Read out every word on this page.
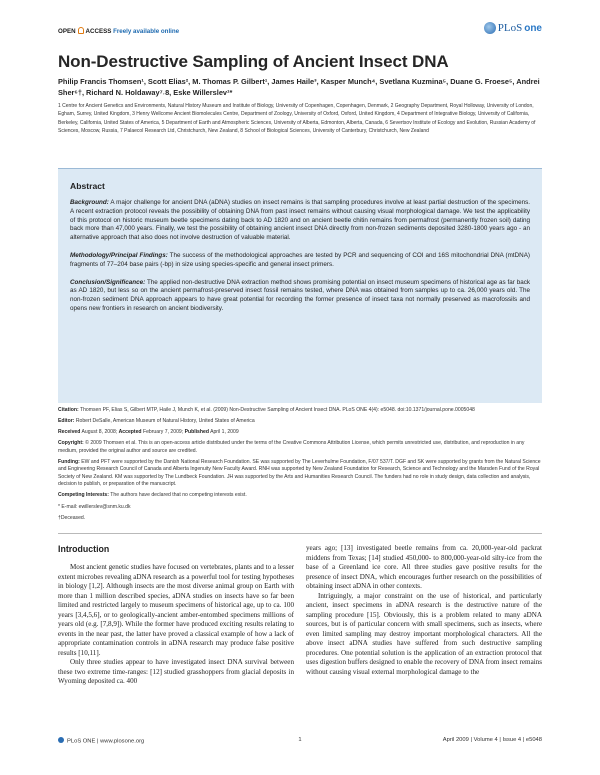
OPEN ACCESS Freely available online	PLoS one
Non-Destructive Sampling of Ancient Insect DNA
Philip Francis Thomsen¹, Scott Elias², M. Thomas P. Gilbert¹, James Haile³, Kasper Munch⁴, Svetlana Kuzmina⁵, Duane G. Froese⁵, Andrei Sher⁶†, Richard N. Holdaway⁷˒8, Eske Willerslev¹*
1 Centre for Ancient Genetics and Environments, Natural History Museum and Institute of Biology, University of Copenhagen, Copenhagen, Denmark, 2 Geography Department, Royal Holloway, University of London, Egham, Surrey, United Kingdom, 3 Henry Wellcome Ancient Biomolecules Centre, Department of Zoology, University of Oxford, Oxford, United Kingdom, 4 Department of Integrative Biology, University of California, Berkeley, California, United States of America, 5 Department of Earth and Atmospheric Sciences, University of Alberta, Edmonton, Alberta, Canada, 6 Severtsov Institute of Ecology and Evolution, Russian Academy of Sciences, Moscow, Russia, 7 Palaecol Research Ltd, Christchurch, New Zealand, 8 School of Biological Sciences, University of Canterbury, Christchurch, New Zealand
Abstract

Background: A major challenge for ancient DNA (aDNA) studies on insect remains is that sampling procedures involve at least partial destruction of the specimens. A recent extraction protocol reveals the possibility of obtaining DNA from past insect remains without causing visual morphological damage. We test the applicability of this protocol on historic museum beetle specimens dating back to AD 1820 and on ancient beetle chitin remains from permafrost (permanently frozen soil) dating back more than 47,000 years. Finally, we test the possibility of obtaining ancient insect DNA directly from non-frozen sediments deposited 3280-1800 years ago - an alternative approach that also does not involve destruction of valuable material.

Methodology/Principal Findings: The success of the methodological approaches are tested by PCR and sequencing of COI and 16S mitochondrial DNA (mtDNA) fragments of 77–204 base pairs (-bp) in size using species-specific and general insect primers.

Conclusion/Significance: The applied non-destructive DNA extraction method shows promising potential on insect museum specimens of historical age as far back as AD 1820, but less so on the ancient permafrost-preserved insect fossil remains tested, where DNA was obtained from samples up to ca. 26,000 years old. The non-frozen sediment DNA approach appears to have great potential for recording the former presence of insect taxa not normally preserved as macrofossils and opens new frontiers in research on ancient biodiversity.

Citation: Thomsen PF, Elias S, Gilbert MTP, Haile J, Munch K, et al. (2009) Non-Destructive Sampling of Ancient Insect DNA. PLoS ONE 4(4): e5048. doi:10.1371/journal.pone.0005048

Editor: Robert DeSalle, American Museum of Natural History, United States of America

Received August 8, 2008; Accepted February 7, 2009; Published April 1, 2009

Copyright: © 2009 Thomsen et al. This is an open-access article distributed under the terms of the Creative Commons Attribution License, which permits unrestricted use, distribution, and reproduction in any medium, provided the original author and source are credited.

Funding: EW and PFT were supported by the Danish National Research Foundation. SE was supported by The Leverhulme Foundation, F/07 537/T. DGF and SK were supported by grants from the Natural Science and Engineering Research Council of Canada and Alberta Ingenuity New Faculty Award. RNH was supported by New Zealand Foundation for Research, Science and Technology and the Marsden Fund of the Royal Society of New Zealand. KM was supported by The Lundbeck Foundation. JH was supported by the Arts and Humanities Research Council. The funders had no role in study design, data collection and analysis, decision to publish, or preparation of the manuscript.

Competing Interests: The authors have declared that no competing interests exist.

* E-mail: ewillerslev@snm.ku.dk

†Deceased.

Introduction

Most ancient genetic studies have focused on vertebrates, plants and to a lesser extent microbes revealing aDNA research as a powerful tool for testing hypotheses in biology [1,2]. Although insects are the most diverse animal group on Earth with more than 1 million described species, aDNA studies on insects have so far been limited and restricted largely to museum specimens of historical age, up to ca. 100 years [3,4,5,6], or to geologically-ancient amber-entombed specimens millions of years old (e.g. [7,8,9]). While the former have produced exciting results relating to events in the near past, the latter have proved a classical example of how a lack of appropriate contamination controls in aDNA research may produce false positive results [10,11].

Only three studies appear to have investigated insect DNA survival between these two extreme time-ranges: [12] studied grasshoppers from glacial deposits in Wyoming deposited ca. 400

years ago; [13] investigated beetle remains from ca. 20,000-year-old packrat middens from Texas; [14] studied 450,000- to 800,000-year-old silty-ice from the base of a Greenland ice core. All three studies gave positive results for the presence of insect DNA, which encourages further research on the possibilities of obtaining insect aDNA in other contexts.

Intriguingly, a major constraint on the use of historical, and particularly ancient, insect specimens in aDNA research is the destructive nature of the sampling procedure [15]. Obviously, this is a problem related to many aDNA sources, but is of particular concern with small specimens, such as insects, where even limited sampling may destroy important morphological characters. All the above insect aDNA studies have suffered from such destructive sampling procedures. One potential solution is the application of an extraction protocol that uses digestion buffers designed to enable the recovery of DNA from insect remains without causing visual external morphological damage to the

PLoS ONE | www.plosone.org	1	April 2009 | Volume 4 | Issue 4 | e5048
